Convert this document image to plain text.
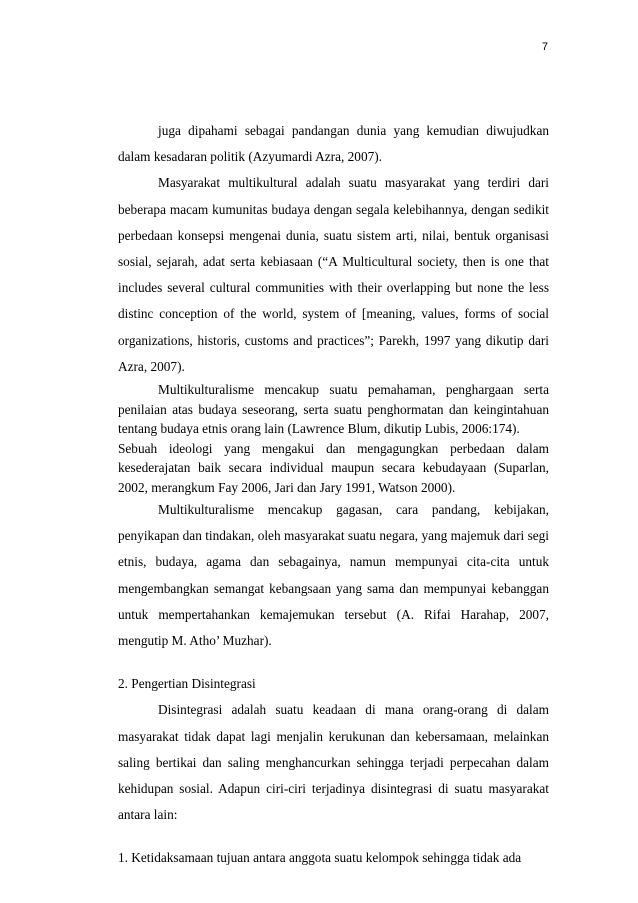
7

juga dipahami sebagai pandangan dunia yang kemudian diwujudkan dalam kesadaran politik (Azyumardi Azra, 2007).

Masyarakat multikultural adalah suatu masyarakat yang terdiri dari beberapa macam kumunitas budaya dengan segala kelebihannya, dengan sedikit perbedaan konsepsi mengenai dunia, suatu sistem arti, nilai, bentuk organisasi sosial, sejarah, adat serta kebiasaan (“A Multicultural society, then is one that includes several cultural communities with their overlapping but none the less distinc conception of the world, system of [meaning, values, forms of social organizations, historis, customs and practices”; Parekh, 1997 yang dikutip dari Azra, 2007).

Multikulturalisme mencakup suatu pemahaman, penghargaan serta penilaian atas budaya seseorang, serta suatu penghormatan dan keingintahuan tentang budaya etnis orang lain (Lawrence Blum, dikutip Lubis, 2006:174).

Sebuah ideologi yang mengakui dan mengagungkan perbedaan dalam kesederajatan baik secara individual maupun secara kebudayaan (Suparlan, 2002, merangkum Fay 2006, Jari dan Jary 1991, Watson 2000).

Multikulturalisme mencakup gagasan, cara pandang, kebijakan, penyikapan dan tindakan, oleh masyarakat suatu negara, yang majemuk dari segi etnis, budaya, agama dan sebagainya, namun mempunyai cita-cita untuk mengembangkan semangat kebangsaan yang sama dan mempunyai kebanggan untuk mempertahankan kemajemukan tersebut (A. Rifai Harahap, 2007, mengutip M. Atho’ Muzhar).

2. Pengertian Disintegrasi

Disintegrasi adalah suatu keadaan di mana orang-orang di dalam masyarakat tidak dapat lagi menjalin kerukunan dan kebersamaan, melainkan saling bertikai dan saling menghancurkan sehingga terjadi perpecahan dalam kehidupan sosial. Adapun ciri-ciri terjadinya disintegrasi di suatu masyarakat antara lain:

1. Ketidaksamaan tujuan antara anggota suatu kelompok sehingga tidak ada
